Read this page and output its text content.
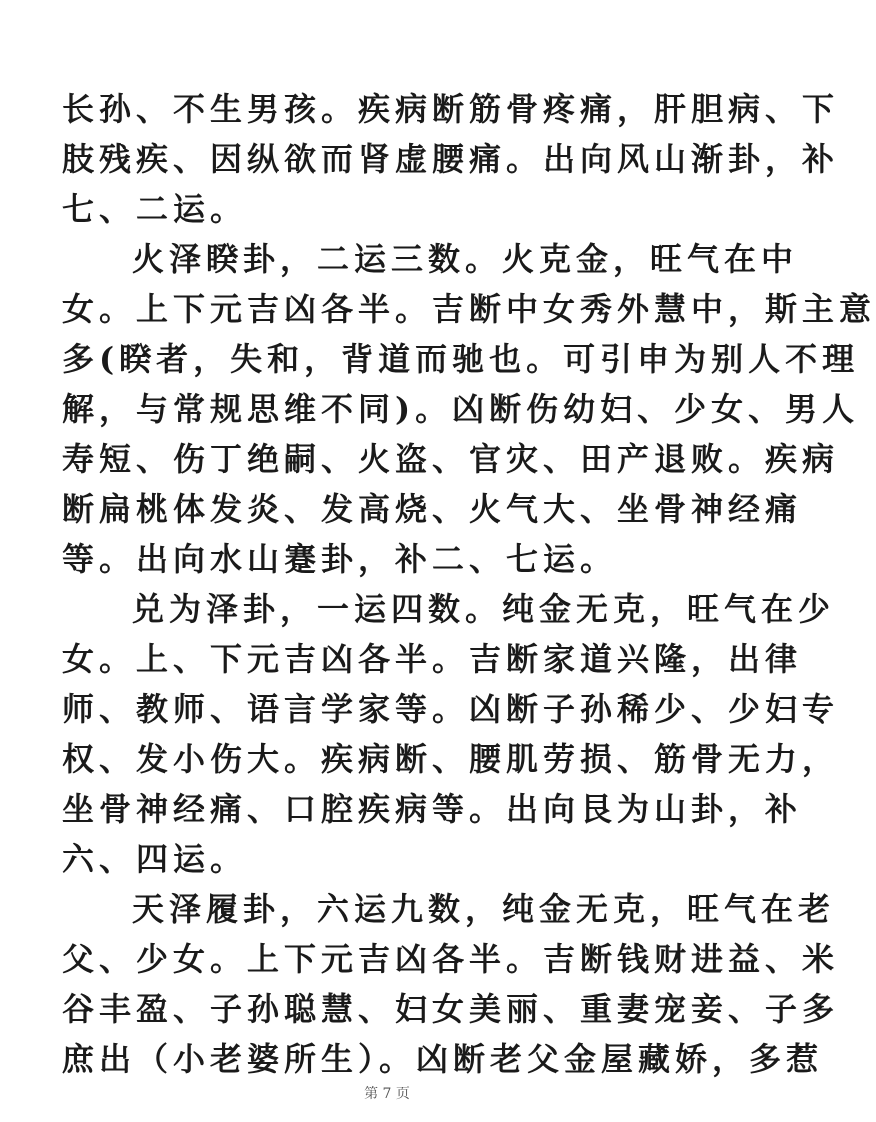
长孙、不生男孩。疾病断筋骨疼痛，肝胆病、下
肢残疾、因纵欲而肾虚腰痛。出向风山渐卦，补
七、二运。
火泽睽卦，二运三数。火克金，旺气在中
女。上下元吉凶各半。吉断中女秀外慧中，斯主意
多(睽者，失和，背道而驰也。可引申为别人不理
解，与常规思维不同)。凶断伤幼妇、少女、男人
寿短、伤丁绝嗣、火盗、官灾、田产退败。疾病
断扁桃体发炎、发高烧、火气大、坐骨神经痛
等。出向水山蹇卦，补二、七运。
兑为泽卦，一运四数。纯金无克，旺气在少
女。上、下元吉凶各半。吉断家道兴隆，出律
师、教师、语言学家等。凶断子孙稀少、少妇专
权、发小伤大。疾病断、腰肌劳损、筋骨无力，
坐骨神经痛、口腔疾病等。出向艮为山卦，补
六、四运。
天泽履卦，六运九数，纯金无克，旺气在老
父、少女。上下元吉凶各半。吉断钱财进益、米
谷丰盈、子孙聪慧、妇女美丽、重妻宠妾、子多
庶出（小老婆所生）。凶断老父金屋藏娇，多惹
第 7 页
